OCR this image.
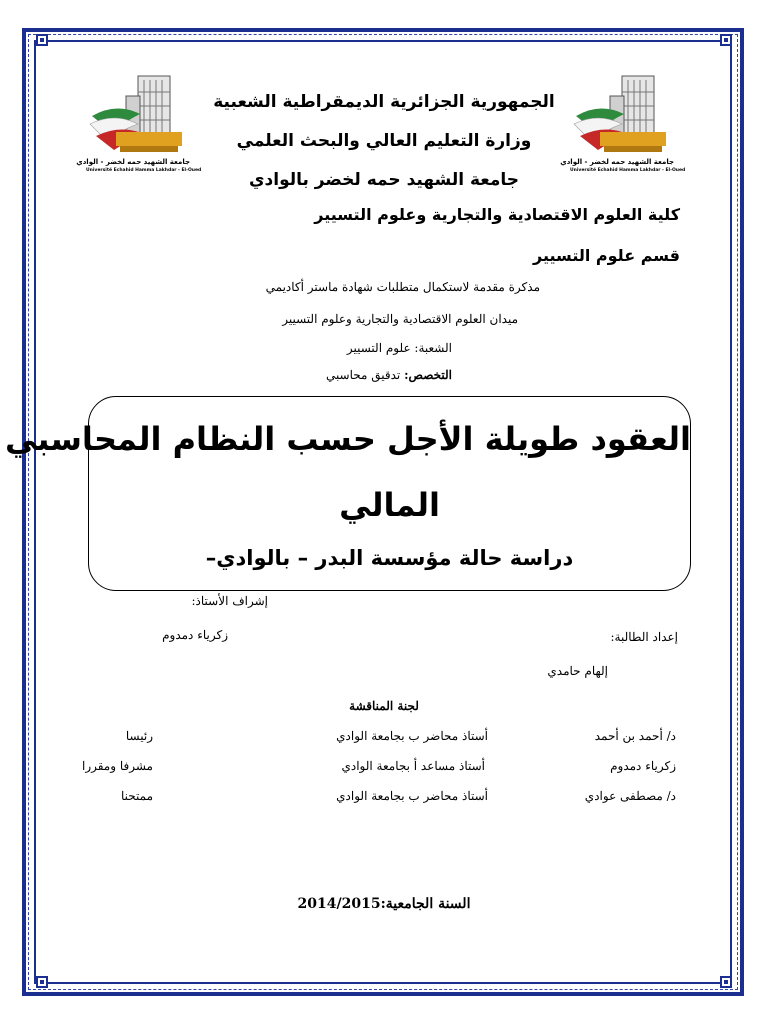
جامعة الشهيد حمه لخضر - الوادي
Université Echahid Hamma Lakhdar - El-Oued
جامعة الشهيد حمه لخضر - الوادي
Université Echahid Hamma Lakhdar - El-Oued
الجمهورية الجزائرية الديمقراطية الشعبية
وزارة التعليم العالي والبحث العلمي
جامعة الشهيد حمه لخضر بالوادي
كلية العلوم الاقتصادية والتجارية وعلوم التسيير
قسم علوم التسيير
مذكرة مقدمة لاستكمال متطلبات شهادة ماستر أكاديمي
ميدان العلوم الاقتصادية والتجارية وعلوم التسيير
الشعبة: علوم التسيير
التخصص: تدقيق محاسبي
العقود طويلة الأجل حسب النظام المحاسبي
المالي
دراسة حالة مؤسسة البدر – بالوادي–
إشراف الأستاذ:
زكرياء دمدوم	إعداد الطالبة:
إلهام حامدي
لجنة المناقشة
د/ أحمد بن أحمد
أستاذ محاضر ب بجامعة الوادي
رئيسا
زكرياء دمدوم
أستاذ مساعد أ بجامعة الوادي
مشرفا ومقررا
د/ مصطفى عوادي
أستاذ محاضر ب بجامعة الوادي
ممتحنا
السنة الجامعية:2014/2015
